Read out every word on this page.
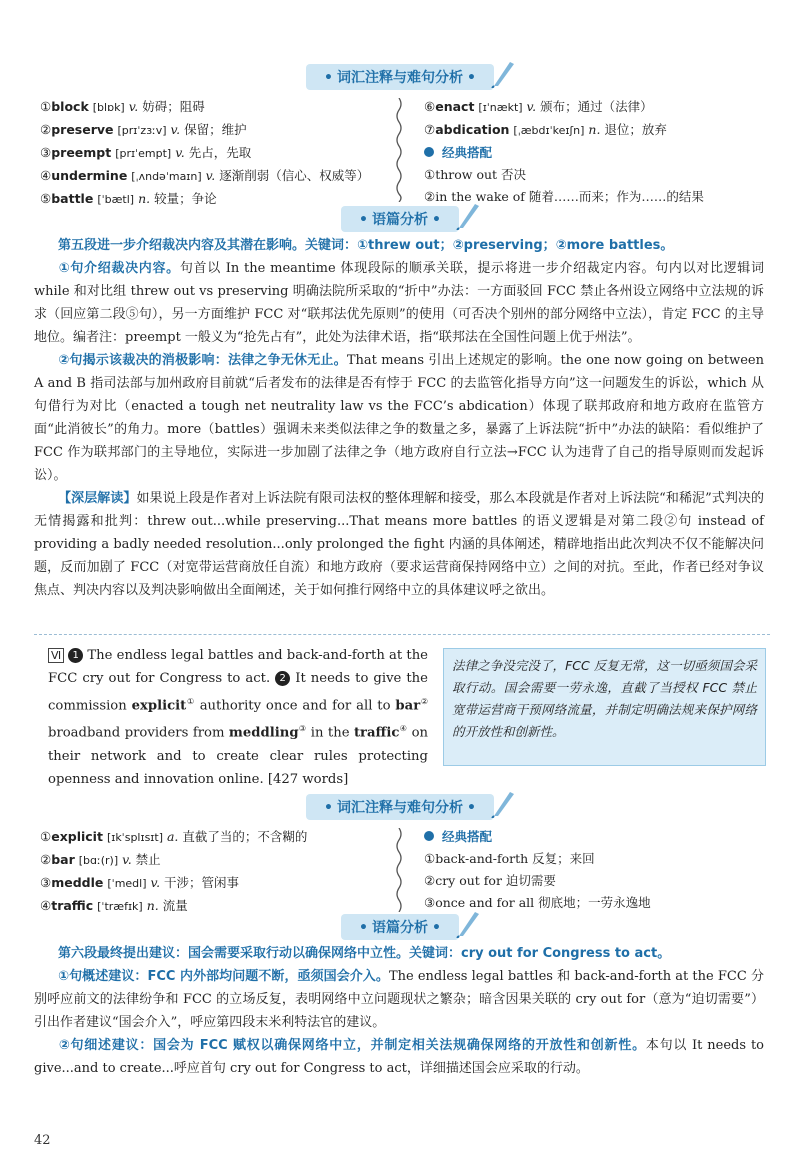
• 词汇注释与难句分析 •
①block [blɒk] v. 妨碍；阻碍
②preserve [prɪˈzɜːv] v. 保留；维护
③preempt [prɪˈempt] v. 先占，先取
④undermine [ˌʌndəˈmaɪn] v. 逐渐削弱（信心、权威等）
⑤battle [ˈbætl] n. 较量；争论
⑥enact [ɪˈnækt] v. 颁布；通过（法律）
⑦abdication [ˌæbdɪˈkeɪʃn] n. 退位；放弃
经典搭配
①throw out 否决
②in the wake of 随着……而来；作为……的结果
• 语篇分析 •
第五段进一步介绍裁决内容及其潜在影响。关键词：①threw out；②preserving；②more battles。
①句介绍裁决内容。句首以 In the meantime 体现段际的顺承关联，提示将进一步介绍裁定内容。句内以对比逻辑词 while 和对比组 threw out vs preserving 明确法院所采取的“折中”办法：一方面驳回 FCC 禁止各州设立网络中立法规的诉求（回应第二段⑤句），另一方面维护 FCC 对“联邦法优先原则”的使用（可否决个别州的部分网络中立法），肯定 FCC 的主导地位。编者注：preempt 一般义为“抢先占有”，此处为法律术语，指“联邦法在全国性问题上优于州法”。
②句揭示该裁决的消极影响：法律之争无休无止。That means 引出上述规定的影响。the one now going on between A and B 指司法部与加州政府目前就“后者发布的法律是否有悖于 FCC 的去监管化指导方向”这一问题发生的诉讼，which 从句借行为对比（enacted a tough net neutrality law vs the FCC’s abdication）体现了联邦政府和地方政府在监管方面“此消彼长”的角力。more（battles）强调未来类似法律之争的数量之多，暴露了上诉法院“折中”办法的缺陷：看似维护了 FCC 作为联邦部门的主导地位，实际进一步加剧了法律之争（地方政府自行立法→FCC 认为违背了自己的指导原则而发起诉讼）。
【深层解读】如果说上段是作者对上诉法院有限司法权的整体理解和接受，那么本段就是作者对上诉法院“和稀泥”式判决的无情揭露和批判：threw out...while preserving...That means more battles 的语义逻辑是对第二段②句 instead of providing a badly needed resolution...only prolonged the fight 内涵的具体阐述，精辟地指出此次判决不仅不能解决问题，反而加剧了 FCC（对宽带运营商放任自流）和地方政府（要求运营商保持网络中立）之间的对抗。至此，作者已经对争议焦点、判决内容以及判决影响做出全面阐述，关于如何推行网络中立的具体建议呼之欲出。
Ⅵ 1 The endless legal battles and back-and-forth at the FCC cry out for Congress to act. 2 It needs to give the commission explicit① authority once and for all to bar② broadband providers from meddling③ in the traffic④ on their network and to create clear rules protecting openness and innovation online. [427 words]
法律之争没完没了，FCC 反复无常，这一切亟须国会采取行动。国会需要一劳永逸，直截了当授权 FCC 禁止宽带运营商干预网络流量，并制定明确法规来保护网络的开放性和创新性。
• 词汇注释与难句分析 •
①explicit [ɪkˈsplɪsɪt] a. 直截了当的；不含糊的
②bar [bɑː(r)] v. 禁止
③meddle [ˈmedl] v. 干涉；管闲事
④traffic [ˈtræfɪk] n. 流量
经典搭配
①back-and-forth 反复；来回
②cry out for 迫切需要
③once and for all 彻底地；一劳永逸地
• 语篇分析 •
第六段最终提出建议：国会需要采取行动以确保网络中立性。关键词：cry out for Congress to act。
①句概述建议：FCC 内外部均问题不断，亟须国会介入。The endless legal battles 和 back-and-forth at the FCC 分别呼应前文的法律纷争和 FCC 的立场反复，表明网络中立问题现状之繁杂；暗含因果关联的 cry out for（意为“迫切需要”）引出作者建议“国会介入”，呼应第四段末米利特法官的建议。
②句细述建议：国会为 FCC 赋权以确保网络中立，并制定相关法规确保网络的开放性和创新性。本句以 It needs to give...and to create...呼应首句 cry out for Congress to act，详细描述国会应采取的行动。
42
